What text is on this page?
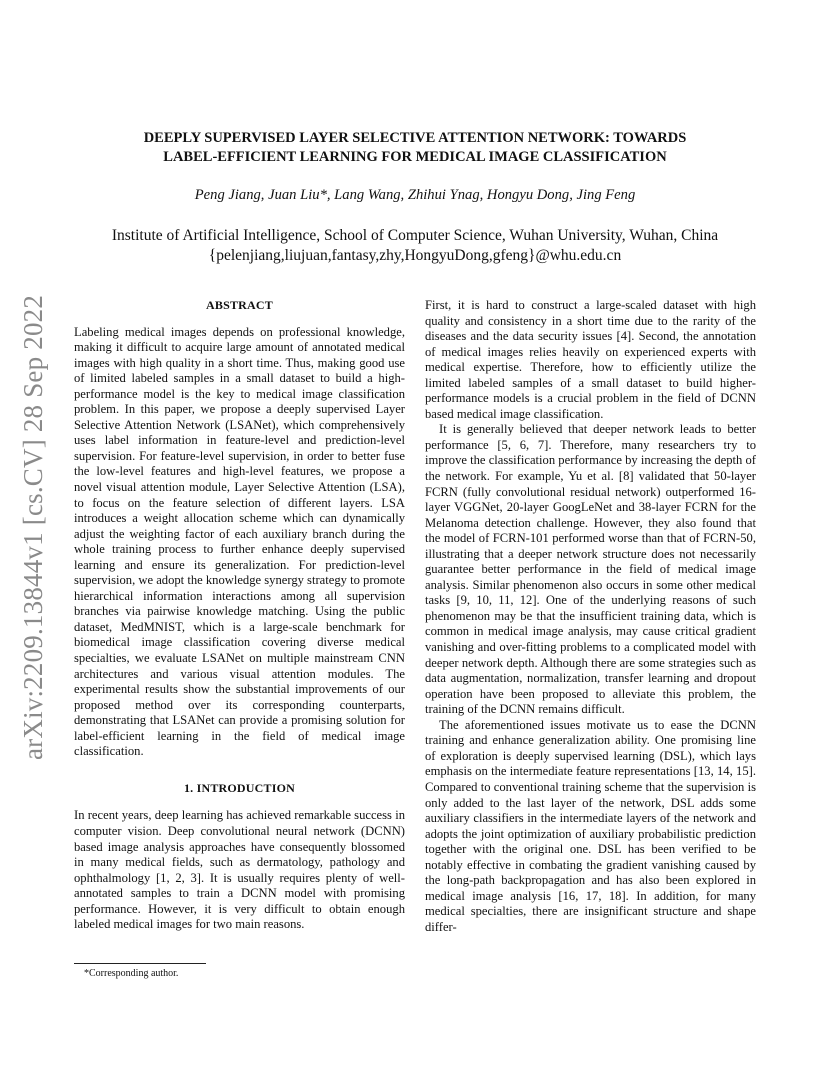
arXiv:2209.13844v1 [cs.CV] 28 Sep 2022
DEEPLY SUPERVISED LAYER SELECTIVE ATTENTION NETWORK: TOWARDS
LABEL-EFFICIENT LEARNING FOR MEDICAL IMAGE CLASSIFICATION
Peng Jiang, Juan Liu*, Lang Wang, Zhihui Ynag, Hongyu Dong, Jing Feng
Institute of Artificial Intelligence, School of Computer Science, Wuhan University, Wuhan, China
{pelenjiang,liujuan,fantasy,zhy,HongyuDong,gfeng}@whu.edu.cn
ABSTRACT

Labeling medical images depends on professional knowledge, making it difficult to acquire large amount of annotated medical images with high quality in a short time. Thus, making good use of limited labeled samples in a small dataset to build a high-performance model is the key to medical image classification problem. In this paper, we propose a deeply supervised Layer Selective Attention Network (LSANet), which comprehensively uses label information in feature-level and prediction-level supervision. For feature-level supervision, in order to better fuse the low-level features and high-level features, we propose a novel visual attention module, Layer Selective Attention (LSA), to focus on the feature selection of different layers. LSA introduces a weight allocation scheme which can dynamically adjust the weighting factor of each auxiliary branch during the whole training process to further enhance deeply supervised learning and ensure its generalization. For prediction-level supervision, we adopt the knowledge synergy strategy to promote hierarchical information interactions among all supervision branches via pairwise knowledge matching. Using the public dataset, MedMNIST, which is a large-scale benchmark for biomedical image classification covering diverse medical specialties, we evaluate LSANet on multiple mainstream CNN architectures and various visual attention modules. The experimental results show the substantial improvements of our proposed method over its corresponding counterparts, demonstrating that LSANet can provide a promising solution for label-efficient learning in the field of medical image classification.

1. INTRODUCTION

In recent years, deep learning has achieved remarkable success in computer vision. Deep convolutional neural network (DCNN) based image analysis approaches have consequently blossomed in many medical fields, such as dermatology, pathology and ophthalmology [1, 2, 3]. It is usually requires plenty of well-annotated samples to train a DCNN model with promising performance. However, it is very difficult to obtain enough labeled medical images for two main reasons.

First, it is hard to construct a large-scaled dataset with high quality and consistency in a short time due to the rarity of the diseases and the data security issues [4]. Second, the annotation of medical images relies heavily on experienced experts with medical expertise. Therefore, how to efficiently utilize the limited labeled samples of a small dataset to build higher-performance models is a crucial problem in the field of DCNN based medical image classification.

It is generally believed that deeper network leads to better performance [5, 6, 7]. Therefore, many researchers try to improve the classification performance by increasing the depth of the network. For example, Yu et al. [8] validated that 50-layer FCRN (fully convolutional residual network) outperformed 16-layer VGGNet, 20-layer GoogLeNet and 38-layer FCRN for the Melanoma detection challenge. However, they also found that the model of FCRN-101 performed worse than that of FCRN-50, illustrating that a deeper network structure does not necessarily guarantee better performance in the field of medical image analysis. Similar phenomenon also occurs in some other medical tasks [9, 10, 11, 12]. One of the underlying reasons of such phenomenon may be that the insufficient training data, which is common in medical image analysis, may cause critical gradient vanishing and over-fitting problems to a complicated model with deeper network depth. Although there are some strategies such as data augmentation, normalization, transfer learning and dropout operation have been proposed to alleviate this problem, the training of the DCNN remains difficult.

The aforementioned issues motivate us to ease the DCNN training and enhance generalization ability. One promising line of exploration is deeply supervised learning (DSL), which lays emphasis on the intermediate feature representations [13, 14, 15]. Compared to conventional training scheme that the supervision is only added to the last layer of the network, DSL adds some auxiliary classifiers in the intermediate layers of the network and adopts the joint optimization of auxiliary probabilistic prediction together with the original one. DSL has been verified to be notably effective in combating the gradient vanishing caused by the long-path backpropagation and has also been explored in medical image analysis [16, 17, 18]. In addition, for many medical specialties, there are insignificant structure and shape differ-

*Corresponding author.
